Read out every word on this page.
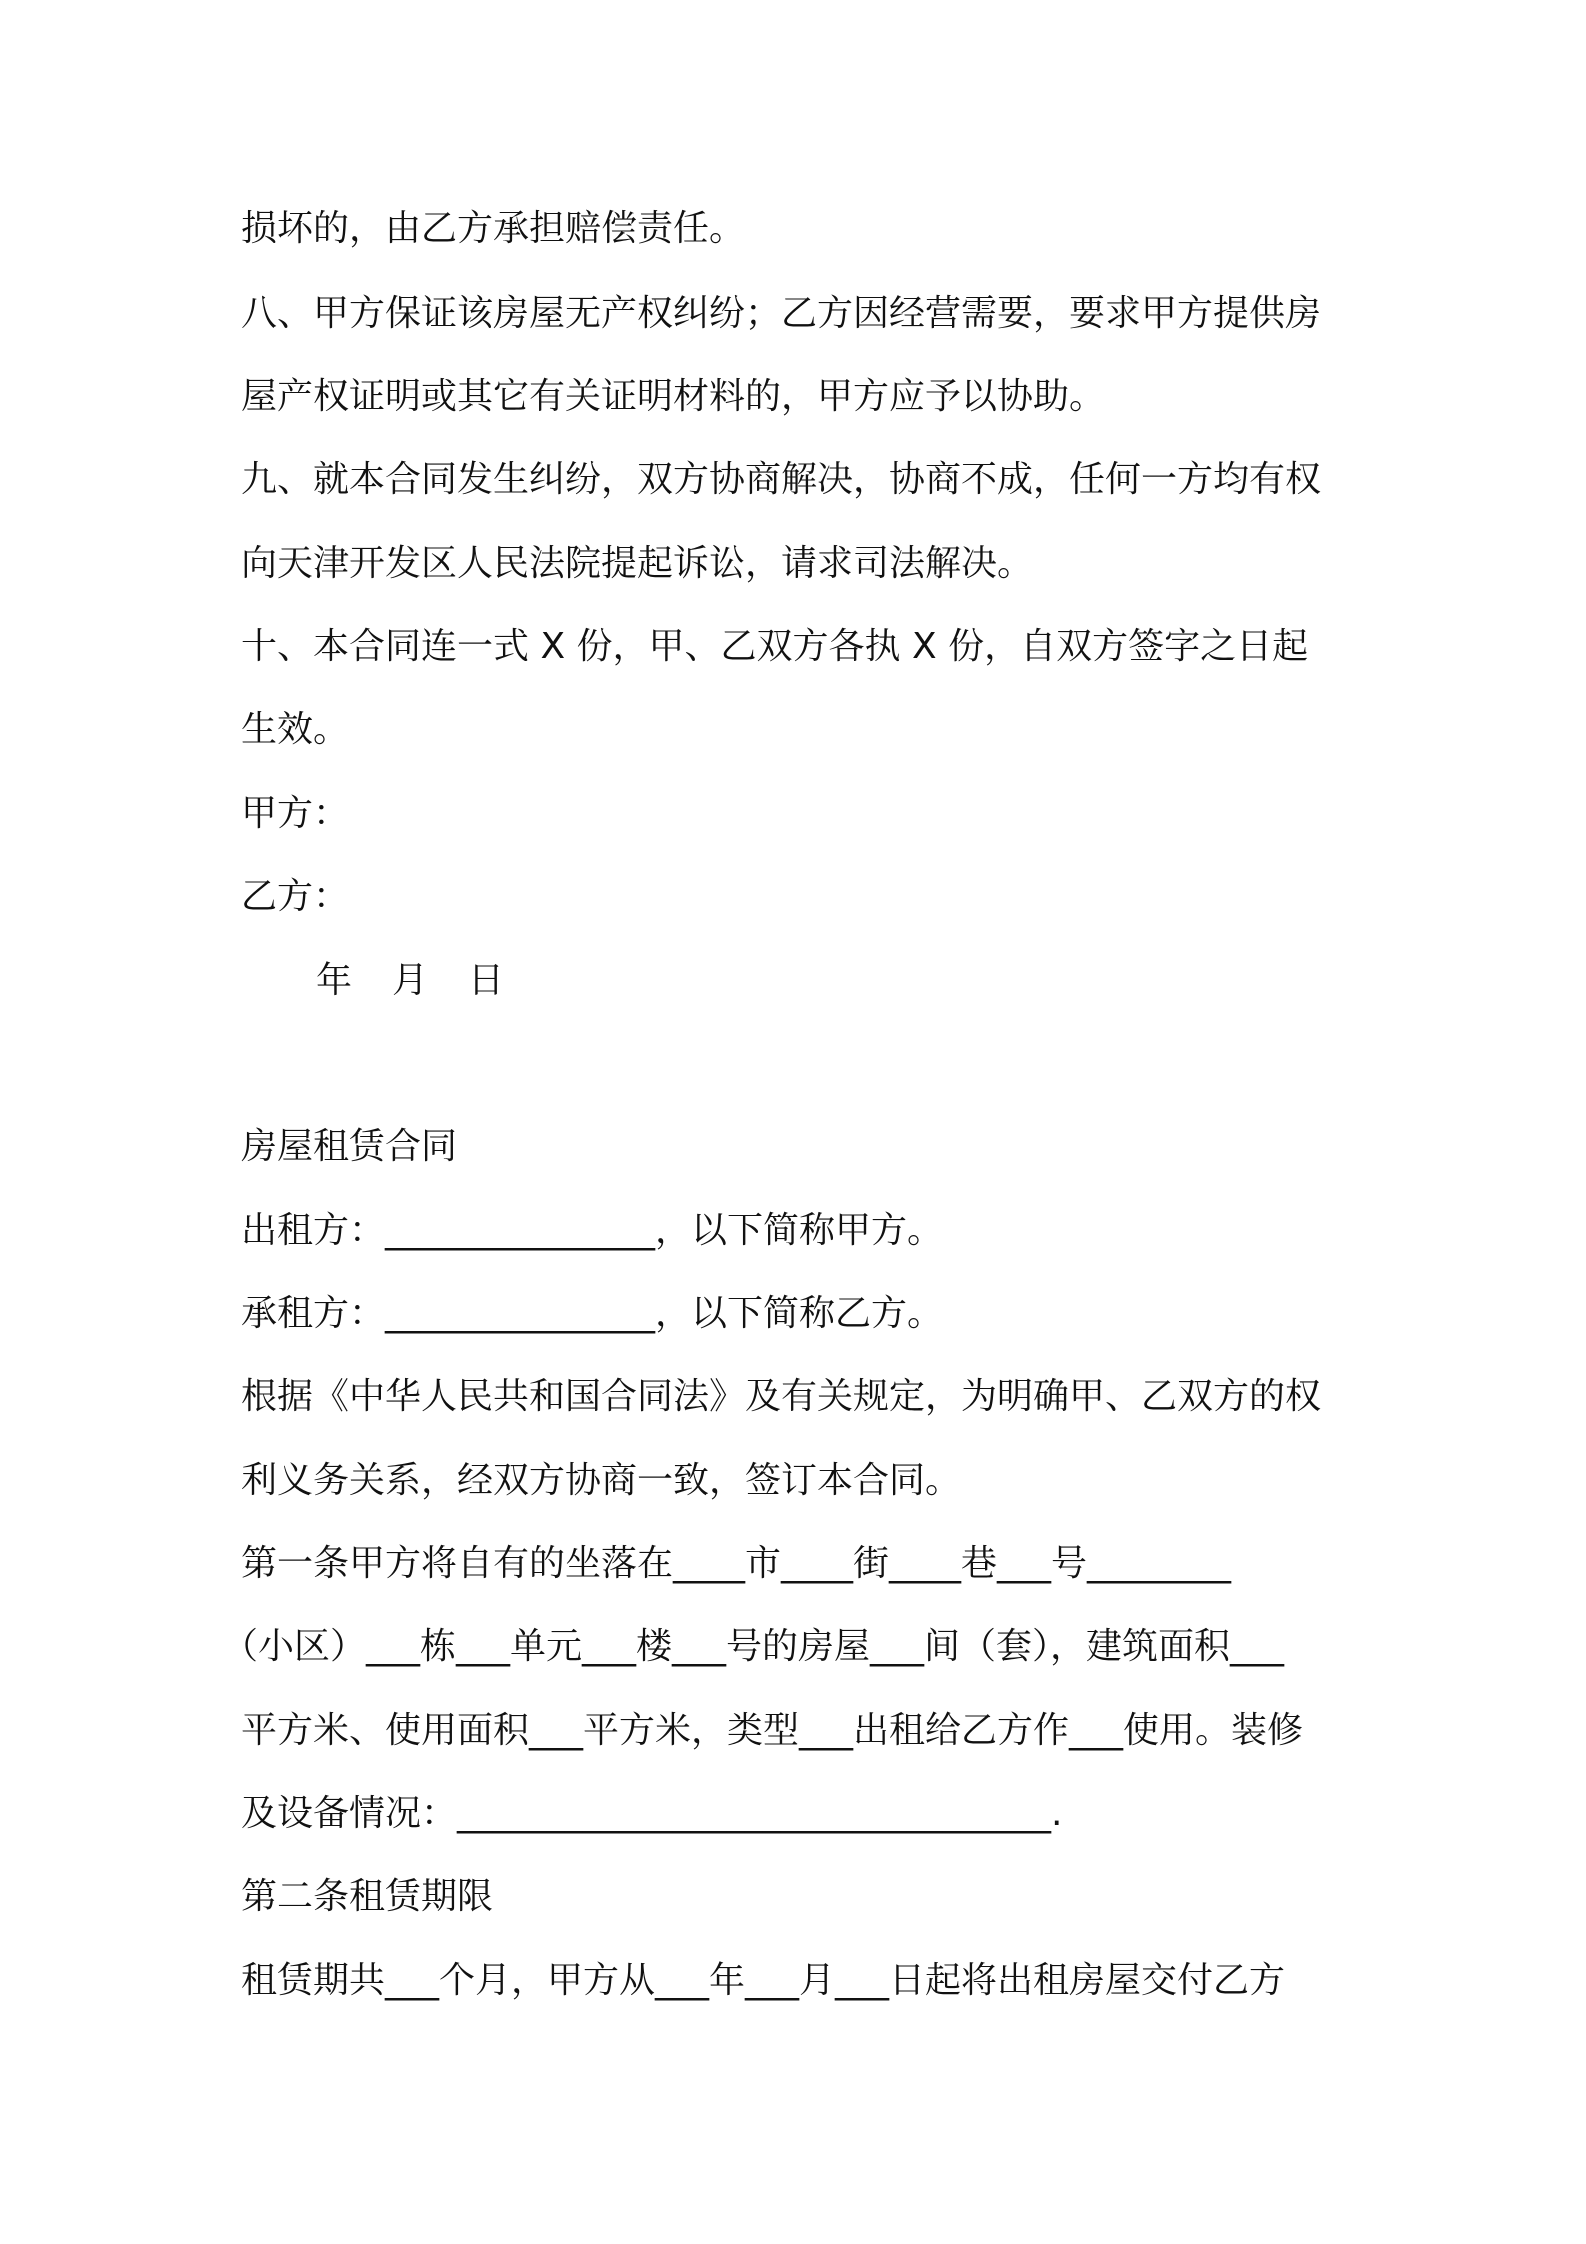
损坏的，由乙方承担赔偿责任。
八、甲方保证该房屋无产权纠纷；乙方因经营需要，要求甲方提供房
屋产权证明或其它有关证明材料的，甲方应予以协助。
九、就本合同发生纠纷，双方协商解决，协商不成，任何一方均有权
向天津开发区人民法院提起诉讼，请求司法解决。
十、本合同连一式 X 份，甲、乙双方各执 X 份，自双方签字之日起
生效。
甲方：
乙方：
年 月 日
房屋租赁合同
出租方：_______________，以下简称甲方。
承租方：_______________，以下简称乙方。
根据《中华人民共和国合同法》及有关规定，为明确甲、乙双方的权
利义务关系，经双方协商一致，签订本合同。
第一条甲方将自有的坐落在____市____街____巷___号________
（小区）___栋___单元___楼___号的房屋___间（套），建筑面积___
平方米、使用面积___平方米，类型___出租给乙方作___使用。装修
及设备情况：_________________________________.
第二条租赁期限
租赁期共___个月，甲方从___年___月___日起将出租房屋交付乙方
